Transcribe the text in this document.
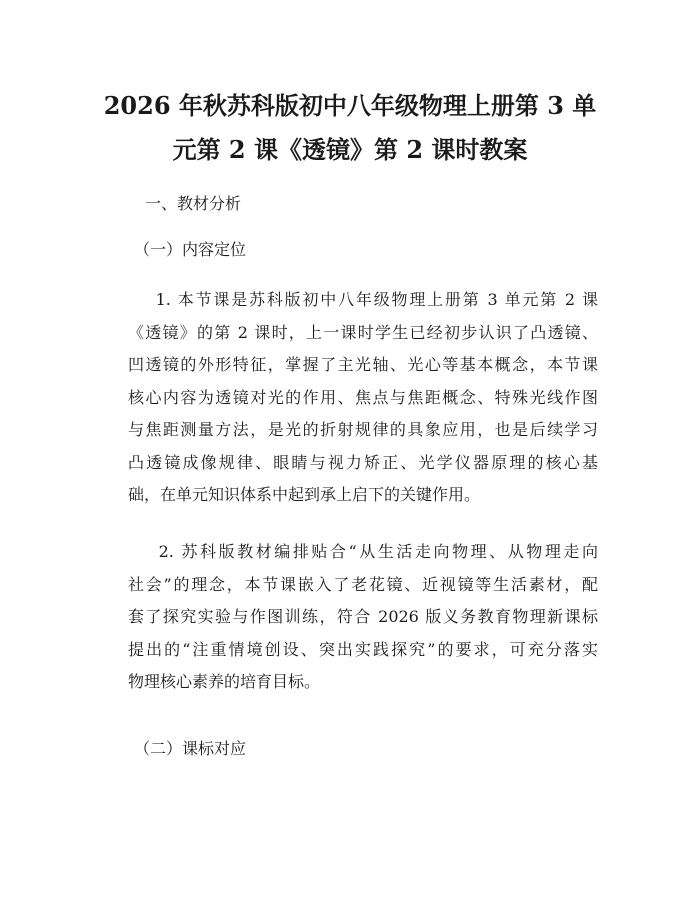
2026 年秋苏科版初中八年级物理上册第 3 单
元第 2 课《透镜》第 2 课时教案

一、教材分析

（一）内容定位

1. 本节课是苏科版初中八年级物理上册第 3 单元第 2 课
《透镜》的第 2 课时，上一课时学生已经初步认识了凸透镜、
凹透镜的外形特征，掌握了主光轴、光心等基本概念，本节课
核心内容为透镜对光的作用、焦点与焦距概念、特殊光线作图
与焦距测量方法，是光的折射规律的具象应用，也是后续学习
凸透镜成像规律、眼睛与视力矫正、光学仪器原理的核心基
础，在单元知识体系中起到承上启下的关键作用。
2. 苏科版教材编排贴合“从生活走向物理、从物理走向
社会”的理念，本节课嵌入了老花镜、近视镜等生活素材，配
套了探究实验与作图训练，符合 2026 版义务教育物理新课标
提出的“注重情境创设、突出实践探究”的要求，可充分落实
物理核心素养的培育目标。

（二）课标对应
